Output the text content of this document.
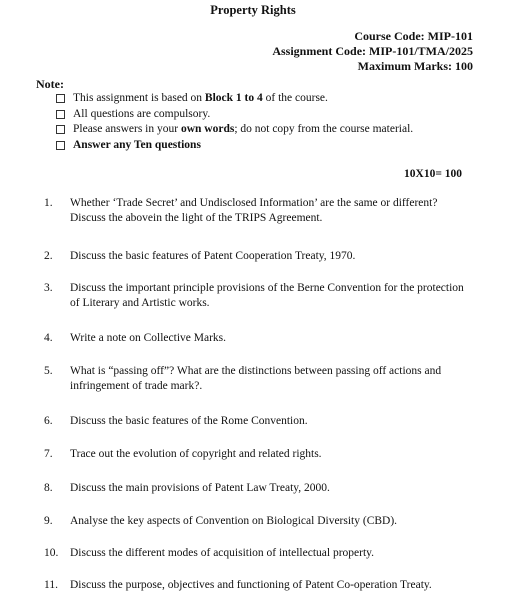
Property Rights
Course Code: MIP-101
Assignment Code: MIP-101/TMA/2025
Maximum Marks: 100
Note:
This assignment is based on Block 1 to 4 of the course.
All questions are compulsory.
Please answers in your own words; do not copy from the course material.
Answer any Ten questions
10X10= 100
1.	Whether ‘Trade Secret’ and Undisclosed Information’ are the same or different? Discuss the abovein the light of the TRIPS Agreement.
2.	Discuss the basic features of Patent Cooperation Treaty, 1970.
3.	Discuss the important principle provisions of the Berne Convention for the protection of Literary and Artistic works.
4.	Write a note on Collective Marks.
5.	What is “passing off”? What are the distinctions between passing off actions and infringement of trade mark?.
6.	Discuss the basic features of the Rome Convention.
7.	Trace out the evolution of copyright and related rights.
8.	Discuss the main provisions of Patent Law Treaty, 2000.
9.	Analyse the key aspects of Convention on Biological Diversity (CBD).
10.	Discuss the different modes of acquisition of intellectual property.
11.	Discuss the purpose, objectives and functioning of Patent Co-operation Treaty.
